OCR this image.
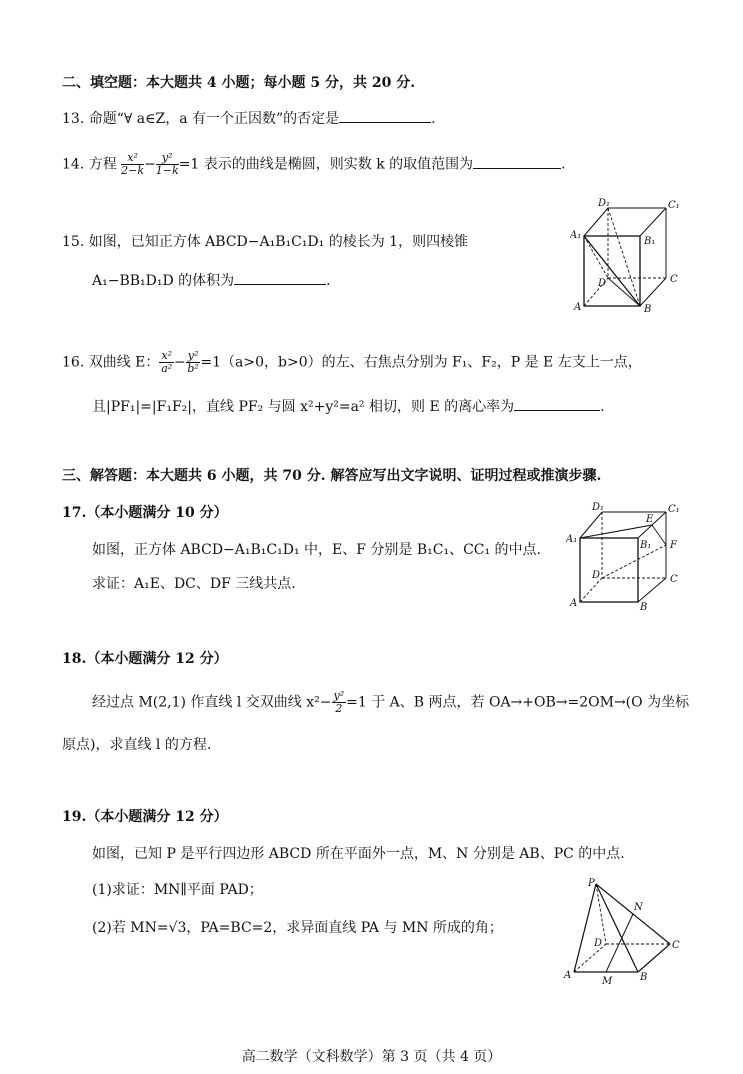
二、填空题：本大题共 4 小题；每小题 5 分，共 20 分.
13. 命题“∀ a∈Z，a 有一个正因数”的否定是	.
14. 方程 $\frac{\text{x²}}{2-k} - \frac{\text{y²}}{1-k} =1$ 表示的曲线是椭圆，则实数 k 的取值范围为	.
15. 如图，已知正方体 ABCD−A₁B₁C₁D₁ 的棱长为 1，则四棱锥
A₁−BB₁D₁D 的体积为	.
D₁	C₁
A₁
B₁
D	C
A	B
16. 双曲线 E： $\frac{\text{x²}}{\text{a²}} - \frac{\text{y²}}{\text{b²}} =1(a>0$，b>0）的左、右焦点分别为 F₁、F₂，P 是 E 左支上一点，
且|PF₁|=|F₁F₂|，直线 PF₂ 与圆 x²+y²=a² 相切，则 E 的离心率为	.
三、解答题：本大题共 6 小题，共 70 分. 解答应写出文字说明、证明过程或推演步骤.
17.（本小题满分 10 分）
如图，正方体 ABCD−A₁B₁C₁D₁ 中，E、F 分别是 B₁C₁、CC₁ 的中点.
求证：A₁E、DC、DF 三线共点.
D₁	C₁
E
A₁
B₁ F
D	C
A	B
18.（本小题满分 12 分）
经过点 M(2,1) 作直线 l 交双曲线 $x^2- \frac{\text{y²}}{2} =1$ 于 A、B 两点，若 OA→+OB→=2OM→(O 为坐标
原点)，求直线 l 的方程.
19.（本小题满分 12 分）
如图，已知 P 是平行四边形 ABCD 所在平面外一点，M、N 分别是 AB、PC 的中点.
(1)求证：MN∥平面 PAD；
(2)若 MN=√3，PA=BC=2，求异面直线 PA 与 MN 所成的角；
P
N
D	C
A
M	B
高二数学（文科数学）第 3 页（共 4 页）
